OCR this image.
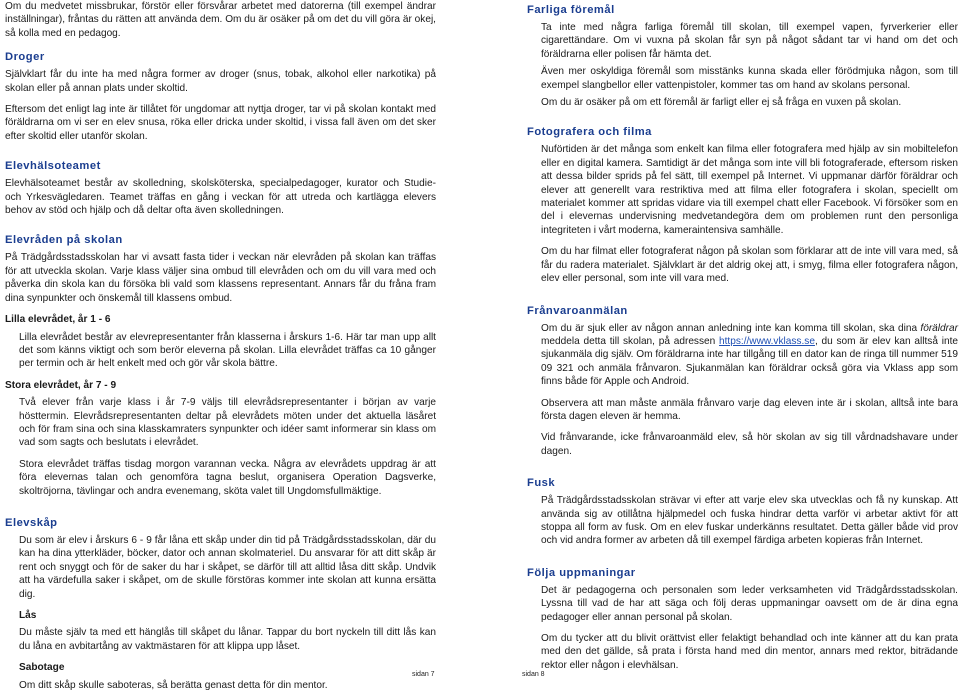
Om du medvetet missbrukar, förstör eller försvårar arbetet med datorerna (till exempel ändrar inställningar), fråntas du rätten att använda dem. Om du är osäker på om det du vill göra är okej, så kolla med en pedagog.

Droger

Självklart får du inte ha med några former av droger (snus, tobak, alkohol eller narkotika) på skolan eller på annan plats under skoltid.

Eftersom det enligt lag inte är tillåtet för ungdomar att nyttja droger, tar vi på skolan kontakt med föräldrarna om vi ser en elev snusa, röka eller dricka under skoltid, i vissa fall även om det sker efter skoltid eller utanför skolan.

Elevhälsoteamet

Elevhälsoteamet består av skolledning, skolsköterska, specialpedagoger, kurator och Studie- och Yrkesvägledaren. Teamet träffas en gång i veckan för att utreda och kartlägga elevers behov av stöd och hjälp och då deltar ofta även skolledningen.

Elevråden på skolan

På Trädgårdsstadsskolan har vi avsatt fasta tider i veckan när elevråden på skolan kan träffas för att utveckla skolan. Varje klass väljer sina ombud till elevråden och om du vill vara med och påverka din skola kan du försöka bli vald som klassens representant. Annars får du fråna fram dina synpunkter och önskemål till klassens ombud.

Lilla elevrådet, år 1 - 6

Lilla elevrådet består av elevrepresentanter från klasserna i årskurs 1-6. Här tar man upp allt det som känns viktigt och som berör eleverna på skolan. Lilla elevrådet träffas ca 10 gånger per termin och är helt enkelt med och gör vår skola bättre.

Stora elevrådet, år 7 - 9

Två elever från varje klass i år 7-9 väljs till elevrådsrepresentanter i början av varje hösttermin. Elevrådsrepresentanten deltar på elevrådets möten under det aktuella läsåret och för fram sina och sina klasskamraters synpunkter och idéer samt informerar sin klass om vad som sagts och beslutats i elevrådet.

Stora elevrådet träffas tisdag morgon varannan vecka. Några av elevrådets uppdrag är att föra elevernas talan och genomföra tagna beslut, organisera Operation Dagsverke, skoltröjorna, tävlingar och andra evenemang, sköta valet till Ungdomsfullmäktige.

Elevskåp

Du som är elev i årskurs 6 - 9 får låna ett skåp under din tid på Trädgårdsstadsskolan, där du kan ha dina ytterkläder, böcker, dator och annan skolmateriel. Du ansvarar för att ditt skåp är rent och snyggt och för de saker du har i skåpet, se därför till att alltid låsa ditt skåp. Undvik att ha värdefulla saker i skåpet, om de skulle förstöras kommer inte skolan att kunna ersätta dig.

Lås

Du måste själv ta med ett hänglås till skåpet du lånar. Tappar du bort nyckeln till ditt lås kan du låna en avbitartång av vaktmästaren för att klippa upp låset.

Sabotage

Om ditt skåp skulle saboteras, så berätta genast detta för din mentor.

Farliga föremål

Ta inte med några farliga föremål till skolan, till exempel vapen, fyrverkerier eller cigarettändare. Om vi vuxna på skolan får syn på något sådant tar vi hand om det och föräldrarna eller polisen får hämta det.

Även mer oskyldiga föremål som misstänks kunna skada eller förödmjuka någon, som till exempel slangbellor eller vattenpistoler, kommer tas om hand av skolans personal.

Om du är osäker på om ett föremål är farligt eller ej så fråga en vuxen på skolan.

Fotografera och filma

Nuförtiden är det många som enkelt kan filma eller fotografera med hjälp av sin mobiltelefon eller en digital kamera. Samtidigt är det många som inte vill bli fotograferade, eftersom risken att dessa bilder sprids på fel sätt, till exempel på Internet. Vi uppmanar därför föräldrar och elever att generellt vara restriktiva med att filma eller fotografera i skolan, speciellt om materialet kommer att spridas vidare via till exempel chatt eller Facebook. Vi försöker som en del i elevernas undervisning medvetandegöra dem om problemen runt den personliga integriteten i vårt moderna, kameraintensiva samhälle.

Om du har filmat eller fotograferat någon på skolan som förklarar att de inte vill vara med, så får du radera materialet. Självklart är det aldrig okej att, i smyg, filma eller fotografera någon, elev eller personal, som inte vill vara med.

Frånvaroanmälan

Om du är sjuk eller av någon annan anledning inte kan komma till skolan, ska dina föräldrar meddela detta till skolan, på adressen https://www.vklass.se, du som är elev kan alltså inte sjukanmäla dig själv. Om föräldrarna inte har tillgång till en dator kan de ringa till nummer 519 09 321 och anmäla frånvaron. Sjukanmälan kan föräldrar också göra via Vklass app som finns både för Apple och Android.

Observera att man måste anmäla frånvaro varje dag eleven inte är i skolan, alltså inte bara första dagen eleven är hemma.

Vid frånvarande, icke frånvaroanmäld elev, så hör skolan av sig till vårdnadshavare under dagen.

Fusk

På Trädgårdsstadsskolan strävar vi efter att varje elev ska utvecklas och få ny kunskap. Att använda sig av otillåtna hjälpmedel och fuska hindrar detta varför vi arbetar aktivt för att stoppa all form av fusk. Om en elev fuskar underkänns resultatet. Detta gäller både vid prov och vid andra former av arbeten då till exempel färdiga arbeten kopieras från Internet.

Följa uppmaningar

Det är pedagogerna och personalen som leder verksamheten vid Trädgårdsstadsskolan. Lyssna till vad de har att säga och följ deras uppmaningar oavsett om de är dina egna pedagoger eller annan personal på skolan.

Om du tycker att du blivit orättvist eller felaktigt behandlad och inte känner att du kan prata med den det gällde, så prata i första hand med din mentor, annars med rektor, biträdande rektor eller någon i elevhälsan.

sidan 7	sidan 8
